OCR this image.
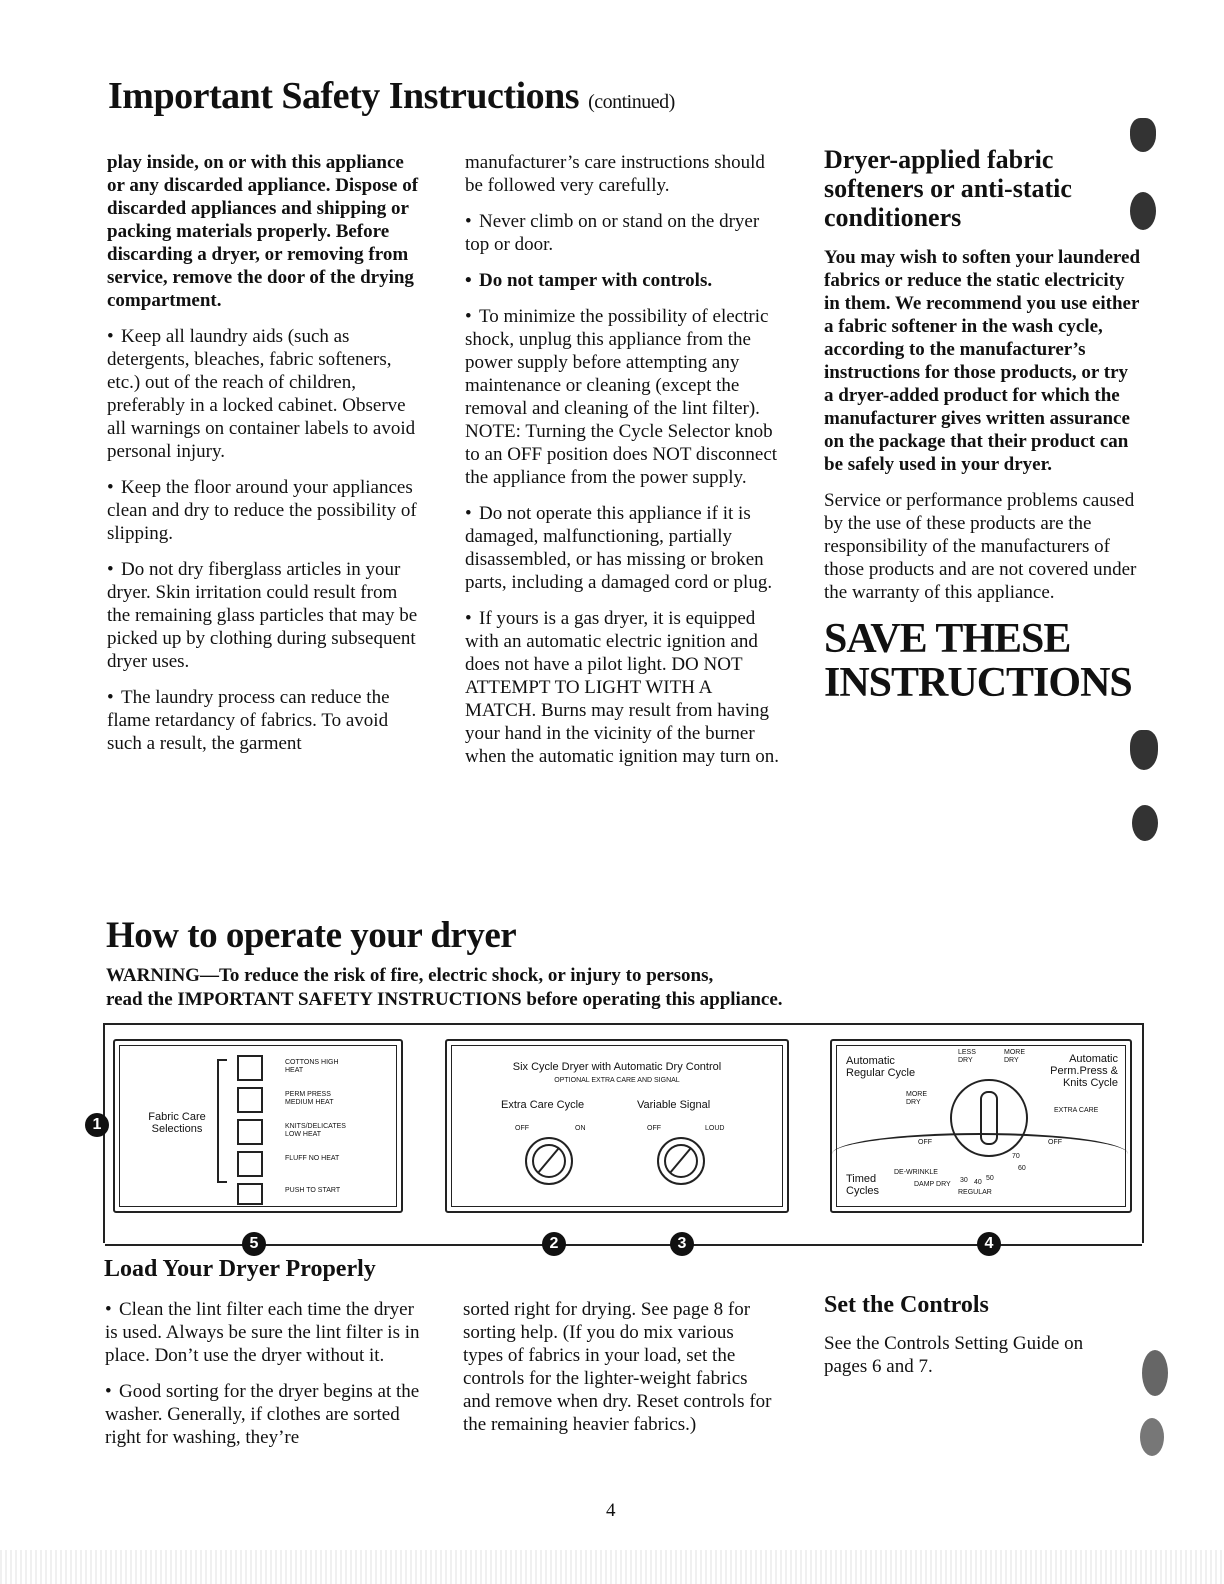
Important Safety Instructions (continued)

play inside, on or with this appliance or any discarded appliance. Dispose of discarded appliances and shipping or packing materials properly. Before discarding a dryer, or removing from service, remove the door of the drying compartment.

• Keep all laundry aids (such as detergents, bleaches, fabric softeners, etc.) out of the reach of children, preferably in a locked cabinet. Observe all warnings on container labels to avoid personal injury.

• Keep the floor around your appliances clean and dry to reduce the possibility of slipping.

• Do not dry fiberglass articles in your dryer. Skin irritation could result from the remaining glass particles that may be picked up by clothing during subsequent dryer uses.

• The laundry process can reduce the flame retardancy of fabrics. To avoid such a result, the garment

manufacturer’s care instructions should be followed very carefully.

• Never climb on or stand on the dryer top or door.

• Do not tamper with controls.

• To minimize the possibility of electric shock, unplug this appliance from the power supply before attempting any maintenance or cleaning (except the removal and cleaning of the lint filter). NOTE: Turning the Cycle Selector knob to an OFF position does NOT disconnect the appliance from the power supply.

• Do not operate this appliance if it is damaged, malfunctioning, partially disassembled, or has missing or broken parts, including a damaged cord or plug.

• If yours is a gas dryer, it is equipped with an automatic electric ignition and does not have a pilot light. DO NOT ATTEMPT TO LIGHT WITH A MATCH. Burns may result from having your hand in the vicinity of the burner when the automatic ignition may turn on.

Dryer-applied fabric softeners or anti-static conditioners

You may wish to soften your laundered fabrics or reduce the static electricity in them. We recommend you use either a fabric softener in the wash cycle, according to the manufacturer’s instructions for those products, or try a dryer-added product for which the manufacturer gives written assurance on the package that their product can be safely used in your dryer.

Service or performance problems caused by the use of these products are the responsibility of the manufacturers of those products and are not covered under the warranty of this appliance.

SAVE THESE INSTRUCTIONS
How to operate your dryer
WARNING—To reduce the risk of fire, electric shock, or injury to persons,
read the IMPORTANT SAFETY INSTRUCTIONS before operating this appliance.
Fabric Care Selections
COTTONS HIGH HEAT
PERM PRESS MEDIUM HEAT
KNITS/DELICATES LOW HEAT
FLUFF NO HEAT
PUSH TO START
Six Cycle Dryer with Automatic Dry Control
OPTIONAL EXTRA CARE AND SIGNAL
Extra Care Cycle	Variable Signal
OFF	ON	OFF	LOUD
Automatic Regular Cycle
Automatic Perm.Press & Knits Cycle
LESS DRY
MORE DRY
MORE DRY
EXTRA CARE
OFF	OFF
Timed Cycles
DE-WRINKLE
DAMP DRY
REGULAR
30 40
50
60
70
1
5	2	3	4
Load Your Dryer Properly

• Clean the lint filter each time the dryer is used. Always be sure the lint filter is in place. Don’t use the dryer without it.

• Good sorting for the dryer begins at the washer. Generally, if clothes are sorted right for washing, they’re

sorted right for drying. See page 8 for sorting help. (If you do mix various types of fabrics in your load, set the controls for the lighter-weight fabrics and remove when dry. Reset controls for the remaining heavier fabrics.)

Set the Controls
See the Controls Setting Guide on pages 6 and 7.
4
